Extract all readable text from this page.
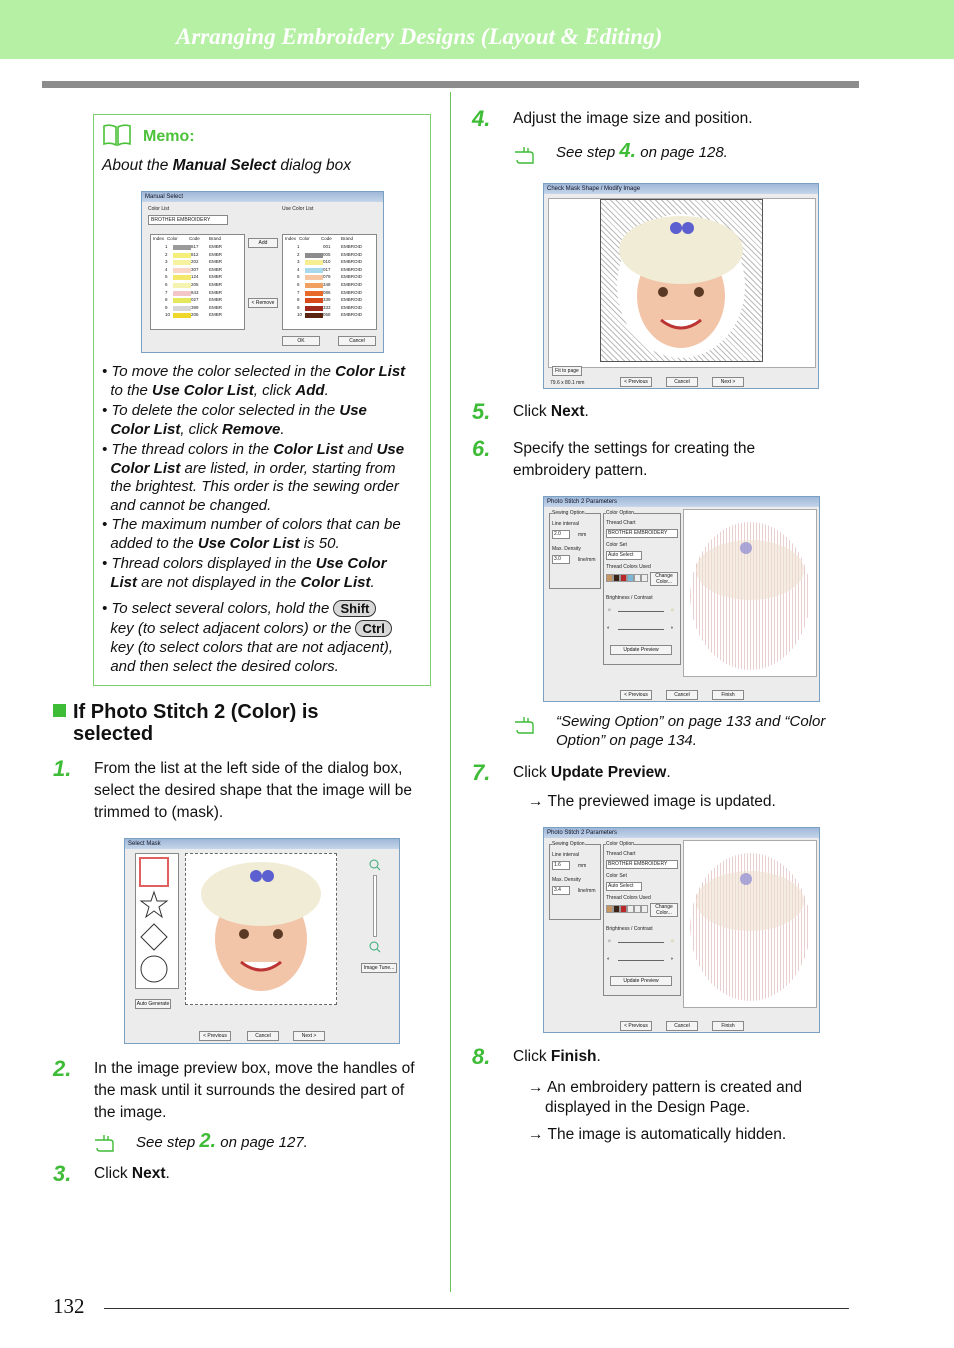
Arranging Embroidery Designs (Layout & Editing)
Memo:
About the Manual Select dialog box
Manual Select
Color List	Use Color List
BROTHER EMBROIDERY
Index Color	Code	Brand
1	817	EMBR
2	812	EMBR
3	202	EMBR
4	307	EMBR
5	124	EMBR
6	205	EMBR
7	843	EMBR
8	027	EMBR
9	399	EMBR
10	206	EMBR
Index Color	Code	Brand
1	001	EMBROID
2	005	EMBROID
3	010	EMBROID
4	017	EMBROID
5	079	EMBROID
6	348	EMBROID
7	086	EMBROID
8	339	EMBROID
9	333	EMBROID
10	058	EMBROID
Add
< Remove
OK	Cancel
• To move the color selected in the Color List
to the Use Color List, click Add.
• To delete the color selected in the Use
Color List, click Remove.
• The thread colors in the Color List and Use
Color List are listed, in order, starting from
the brightest. This order is the sewing order
and cannot be changed.
• The maximum number of colors that can be
added to the Use Color List is 50.
• Thread colors displayed in the Use Color
List are not displayed in the Color List.
• To select several colors, hold the Shift
key (to select adjacent colors) or the Ctrl
key (to select colors that are not adjacent),
and then select the desired colors.
If Photo Stitch 2 (Color) is
selected
1. From the list at the left side of the dialog box,
select the desired shape that the image will be
trimmed to (mask).
Select Mask
Image Tune...
Auto Generate
< Previous	Cancel	Next >
2. In the image preview box, move the handles of
the mask until it surrounds the desired part of
the image.
See step 2. on page 127.
3. Click Next.
4. Adjust the image size and position.
See step 4. on page 128.
Check Mask Shape / Modify Image
Fit to page
79.6 x 80.1 mm	< Previous	Cancel	Next >
5. Click Next.
6. Specify the settings for creating the
embroidery pattern.
Photo Stitch 2 Parameters
Sewing Option
Line interval
2.0	mm
Max. Density
3.0	line/mm
Color Option
Thread Chart
BROTHER EMBROIDERY
Color Set
Auto Select
Thread Colors Used
Change Color...
Brightness / Contrast
☼	☼
◐	◑
Update Preview
< Previous	Cancel	Finish
“Sewing Option” on page 133 and “Color
Option” on page 134.
7. Click Update Preview.
→ The previewed image is updated.
Photo Stitch 2 Parameters
Sewing Option
Line interval
1.6	mm
Max. Density
3.4	line/mm
Color Option
Thread Chart
BROTHER EMBROIDERY
Color Set
Auto Select
Thread Colors Used
Change Color...
Brightness / Contrast
☼	☼
◐	◑
Update Preview
< Previous	Cancel	Finish
8. Click Finish.
→ An embroidery pattern is created and
displayed in the Design Page.
→ The image is automatically hidden.
132
